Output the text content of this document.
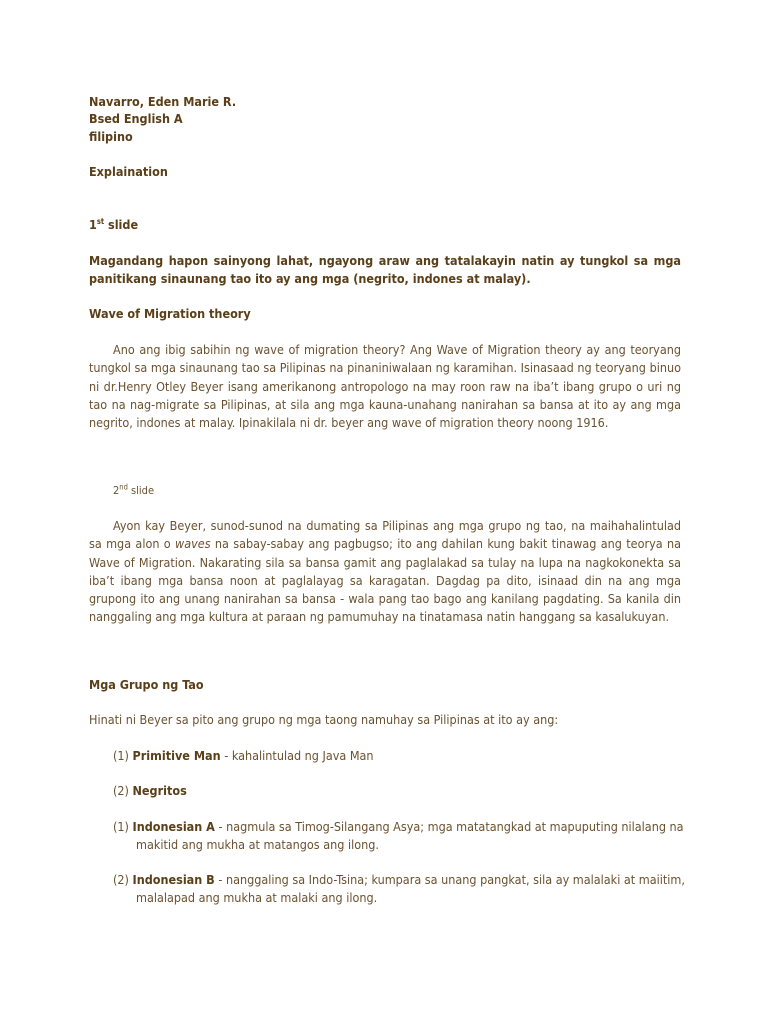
Navarro, Eden Marie R.

Bsed English A

filipino

Explaination

1st slide

Magandang hapon sainyong lahat, ngayong araw ang tatalakayin natin ay tungkol sa mga panitikang sinaunang tao ito ay ang mga (negrito, indones at malay).

Wave of Migration theory

Ano ang ibig sabihin ng wave of migration theory? Ang Wave of Migration theory ay ang teoryang tungkol sa mga sinaunang tao sa Pilipinas na pinaniniwalaan ng karamihan. Isinasaad ng teoryang binuo ni dr.Henry Otley Beyer isang amerikanong antropologo na may roon raw na iba’t ibang grupo o uri ng tao na nag-migrate sa Pilipinas, at sila ang mga kauna-unahang nanirahan sa bansa at ito ay ang mga negrito, indones at malay. Ipinakilala ni dr. beyer ang wave of migration theory noong 1916.

2nd slide

Ayon kay Beyer, sunod-sunod na dumating sa Pilipinas ang mga grupo ng tao, na maihahalintulad sa mga alon o waves na sabay-sabay ang pagbugso; ito ang dahilan kung bakit tinawag ang teorya na Wave of Migration. Nakarating sila sa bansa gamit ang paglalakad sa tulay na lupa na nagkokonekta sa iba’t ibang mga bansa noon at paglalayag sa karagatan. Dagdag pa dito, isinaad din na ang mga grupong ito ang unang nanirahan sa bansa - wala pang tao bago ang kanilang pagdating. Sa kanila din nanggaling ang mga kultura at paraan ng pamumuhay na tinatamasa natin hanggang sa kasalukuyan.

Mga Grupo ng Tao

Hinati ni Beyer sa pito ang grupo ng mga taong namuhay sa Pilipinas at ito ay ang:

(1) Primitive Man - kahalintulad ng Java Man

(2) Negritos

(1) Indonesian A - nagmula sa Timog-Silangang Asya; mga matatangkad at mapuputing nilalang na
makitid ang mukha at matangos ang ilong.

(2) Indonesian B - nanggaling sa Indo-Tsina; kumpara sa unang pangkat, sila ay malalaki at maiitim,
malalapad ang mukha at malaki ang ilong.
